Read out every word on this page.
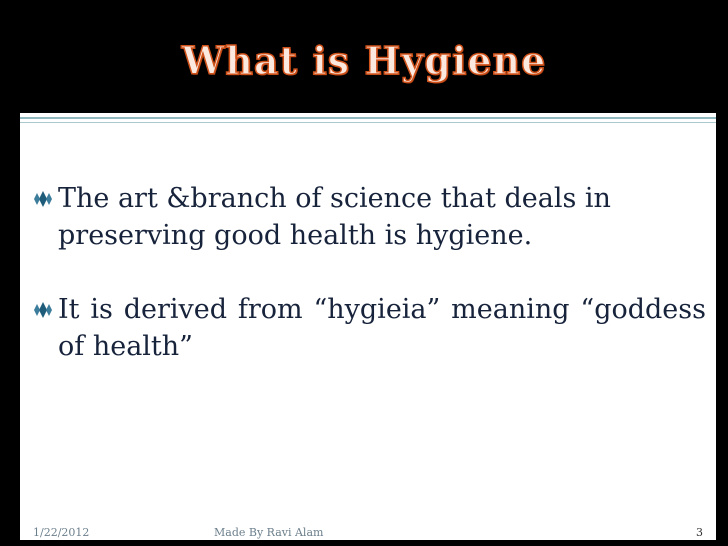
What is Hygiene
The art &branch of science that deals in preserving good health is hygiene.
It is derived from “hygieia” meaning “goddess of health”
1/22/2012	Made By Ravi Alam	3
